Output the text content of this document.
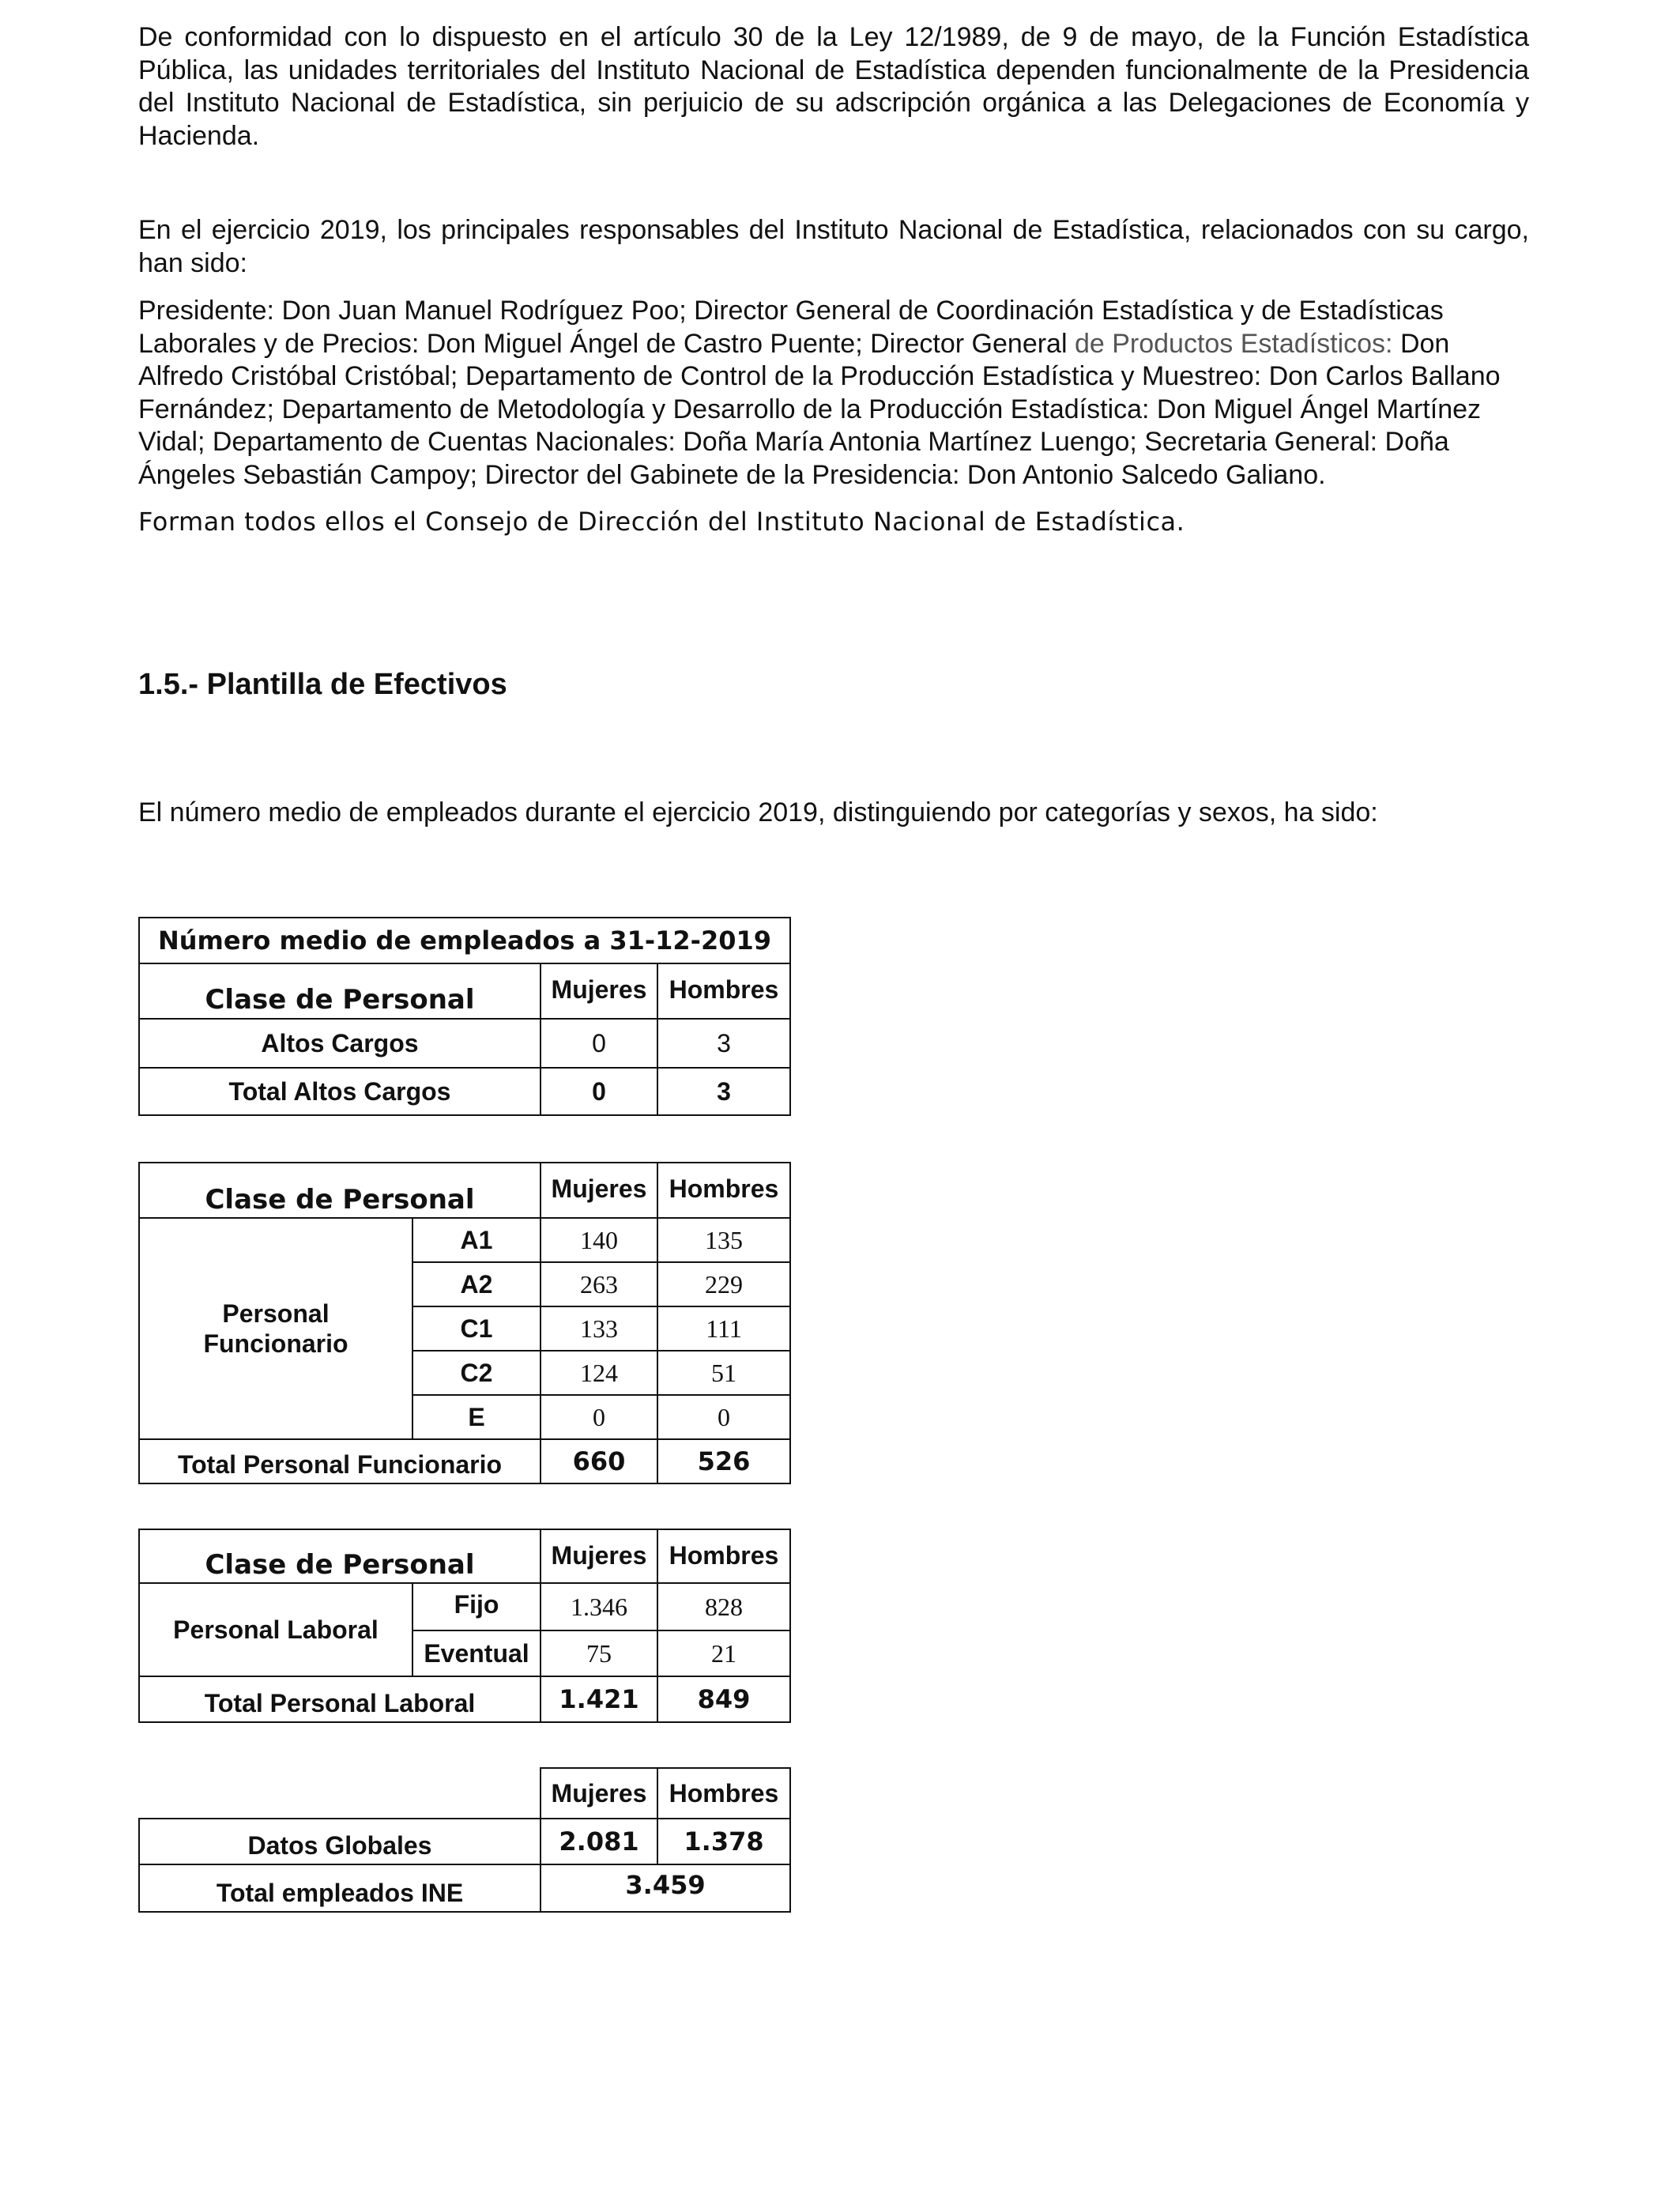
De conformidad con lo dispuesto en el artículo 30 de la Ley 12/1989, de 9 de mayo, de la Función Estadística Pública, las unidades territoriales del Instituto Nacional de Estadística dependen funcionalmente de la Presidencia del Instituto Nacional de Estadística, sin perjuicio de su adscripción orgánica a las Delegaciones de Economía y Hacienda.

En el ejercicio 2019, los principales responsables del Instituto Nacional de Estadística, relacionados con su cargo, han sido:

Presidente: Don Juan Manuel Rodríguez Poo; Director General de Coordinación Estadística y de Estadísticas Laborales y de Precios: Don Miguel Ángel de Castro Puente; Director General de Productos Estadísticos: Don Alfredo Cristóbal Cristóbal; Departamento de Control de la Producción Estadística y Muestreo: Don Carlos Ballano Fernández; Departamento de Metodología y Desarrollo de la Producción Estadística: Don Miguel Ángel Martínez Vidal; Departamento de Cuentas Nacionales: Doña María Antonia Martínez Luengo; Secretaria General: Doña Ángeles Sebastián Campoy; Director del Gabinete de la Presidencia: Don Antonio Salcedo Galiano.

Forman todos ellos el Consejo de Dirección del Instituto Nacional de Estadística.

1.5.- Plantilla de Efectivos

El número medio de empleados durante el ejercicio 2019, distinguiendo por categorías y sexos, ha sido:

Número medio de empleados a 31-12-2019		
Clase de Personal	Mujeres	Hombres
Altos Cargos	0	3
Total Altos Cargos	0	3
Clase de Personal		Mujeres	Hombres
Personal
Funcionario	A1	140	135
	A2	263	229
	C1	133	111
	C2	124	51
	E	0	0
Total Personal Funcionario		660	526
Clase de Personal		Mujeres	Hombres
Personal Laboral	Fijo	1.346	828
	Eventual	75	21
Total Personal Laboral		1.421	849
	Mujeres	Hombres
Datos Globales	2.081	1.378
Total empleados INE	3.459	
